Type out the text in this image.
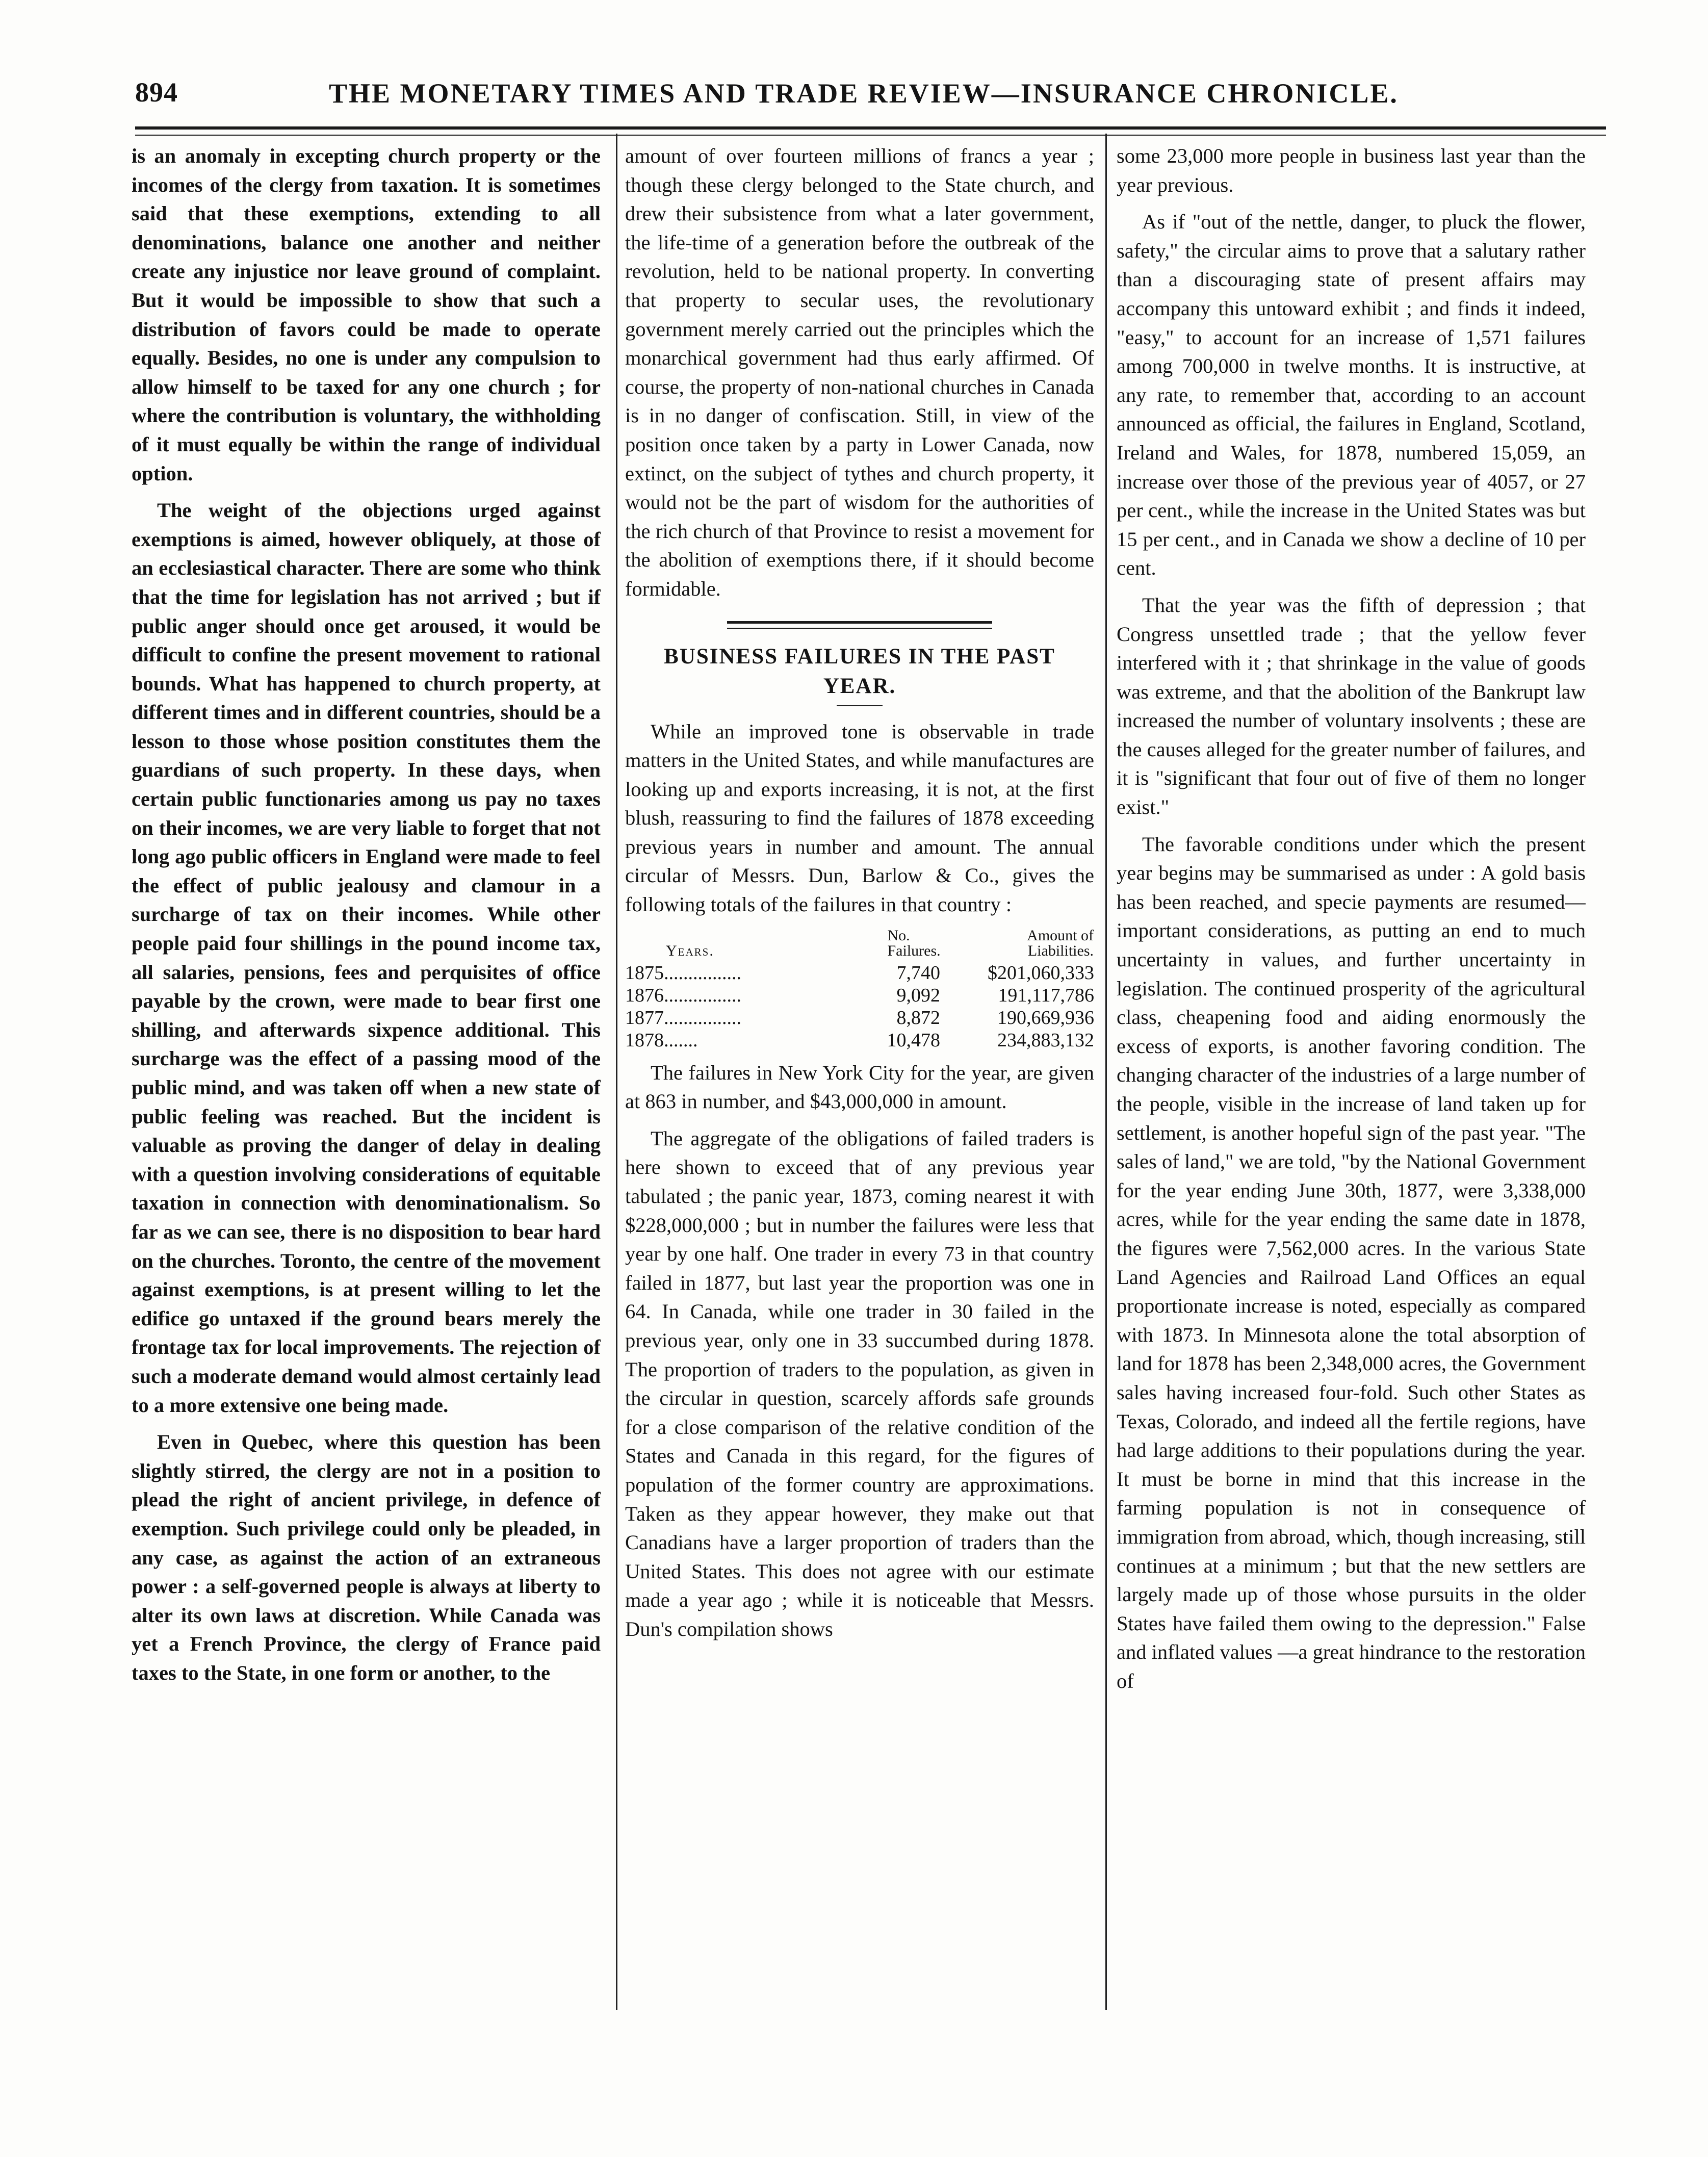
894	THE MONETARY TIMES AND TRADE REVIEW—INSURANCE CHRONICLE.

is an anomaly in excepting church property or the incomes of the clergy from taxation. It is sometimes said that these exemptions, extending to all denominations, balance one another and neither create any injustice nor leave ground of complaint. But it would be impossible to show that such a distribution of favors could be made to operate equally. Besides, no one is under any compulsion to allow himself to be taxed for any one church ; for where the contribution is voluntary, the withholding of it must equally be within the range of individual option.

The weight of the objections urged against exemptions is aimed, however obliquely, at those of an ecclesiastical character. There are some who think that the time for legislation has not arrived ; but if public anger should once get aroused, it would be difficult to confine the present movement to rational bounds. What has happened to church property, at different times and in different countries, should be a lesson to those whose position constitutes them the guardians of such property. In these days, when certain public functionaries among us pay no taxes on their incomes, we are very liable to forget that not long ago public officers in England were made to feel the effect of public jealousy and clamour in a surcharge of tax on their incomes. While other people paid four shillings in the pound income tax, all salaries, pensions, fees and perquisites of office payable by the crown, were made to bear first one shilling, and afterwards sixpence additional. This surcharge was the effect of a passing mood of the public mind, and was taken off when a new state of public feeling was reached. But the incident is valuable as proving the danger of delay in dealing with a question involving considerations of equitable taxation in connection with denominationalism. So far as we can see, there is no disposition to bear hard on the churches. Toronto, the centre of the movement against exemptions, is at present willing to let the edifice go untaxed if the ground bears merely the frontage tax for local improvements. The rejection of such a moderate demand would almost certainly lead to a more extensive one being made.

Even in Quebec, where this question has been slightly stirred, the clergy are not in a position to plead the right of ancient privilege, in defence of exemption. Such privilege could only be pleaded, in any case, as against the action of an extraneous power : a self-governed people is always at liberty to alter its own laws at discretion. While Canada was yet a French Province, the clergy of France paid taxes to the State, in one form or another, to the

amount of over fourteen millions of francs a year ; though these clergy belonged to the State church, and drew their subsistence from what a later government, the life-time of a generation before the outbreak of the revolution, held to be national property. In converting that property to secular uses, the revolutionary government merely carried out the principles which the monarchical government had thus early affirmed. Of course, the property of non-national churches in Canada is in no danger of confiscation. Still, in view of the position once taken by a party in Lower Canada, now extinct, on the subject of tythes and church property, it would not be the part of wisdom for the authorities of the rich church of that Province to resist a movement for the abolition of exemptions there, if it should become formidable.

BUSINESS FAILURES IN THE PAST YEAR.

While an improved tone is observable in trade matters in the United States, and while manufactures are looking up and exports increasing, it is not, at the first blush, reassuring to find the failures of 1878 exceeding previous years in number and amount. The annual circular of Messrs. Dun, Barlow & Co., gives the following totals of the failures in that country :

Years.	No. Failures.	Amount of Liabilities.
1875................	7,740	$201,060,333
1876................	9,092	191,117,786
1877................	8,872	190,669,936
1878.......	10,478	234,883,132

The failures in New York City for the year, are given at 863 in number, and $43,000,000 in amount.

The aggregate of the obligations of failed traders is here shown to exceed that of any previous year tabulated ; the panic year, 1873, coming nearest it with $228,000,000 ; but in number the failures were less that year by one half. One trader in every 73 in that country failed in 1877, but last year the proportion was one in 64. In Canada, while one trader in 30 failed in the previous year, only one in 33 succumbed during 1878. The proportion of traders to the population, as given in the circular in question, scarcely affords safe grounds for a close comparison of the relative condition of the States and Canada in this regard, for the figures of population of the former country are approximations. Taken as they appear however, they make out that Canadians have a larger proportion of traders than the United States. This does not agree with our estimate made a year ago ; while it is noticeable that Messrs. Dun's compilation shows

some 23,000 more people in business last year than the year previous.

As if "out of the nettle, danger, to pluck the flower, safety," the circular aims to prove that a salutary rather than a discouraging state of present affairs may accompany this untoward exhibit ; and finds it indeed, "easy," to account for an increase of 1,571 failures among 700,000 in twelve months. It is instructive, at any rate, to remember that, according to an account announced as official, the failures in England, Scotland, Ireland and Wales, for 1878, numbered 15,059, an increase over those of the previous year of 4057, or 27 per cent., while the increase in the United States was but 15 per cent., and in Canada we show a decline of 10 per cent.

That the year was the fifth of depression ; that Congress unsettled trade ; that the yellow fever interfered with it ; that shrinkage in the value of goods was extreme, and that the abolition of the Bankrupt law increased the number of voluntary insolvents ; these are the causes alleged for the greater number of failures, and it is "significant that four out of five of them no longer exist."

The favorable conditions under which the present year begins may be summarised as under : A gold basis has been reached, and specie payments are resumed—important considerations, as putting an end to much uncertainty in values, and further uncertainty in legislation. The continued prosperity of the agricultural class, cheapening food and aiding enormously the excess of exports, is another favoring condition. The changing character of the industries of a large number of the people, visible in the increase of land taken up for settlement, is another hopeful sign of the past year. "The sales of land," we are told, "by the National Government for the year ending June 30th, 1877, were 3,338,000 acres, while for the year ending the same date in 1878, the figures were 7,562,000 acres. In the various State Land Agencies and Railroad Land Offices an equal proportionate increase is noted, especially as compared with 1873. In Minnesota alone the total absorption of land for 1878 has been 2,348,000 acres, the Government sales having increased four-fold. Such other States as Texas, Colorado, and indeed all the fertile regions, have had large additions to their populations during the year. It must be borne in mind that this increase in the farming population is not in consequence of immigration from abroad, which, though increasing, still continues at a minimum ; but that the new settlers are largely made up of those whose pursuits in the older States have failed them owing to the depression." False and inflated values —a great hindrance to the restoration of
